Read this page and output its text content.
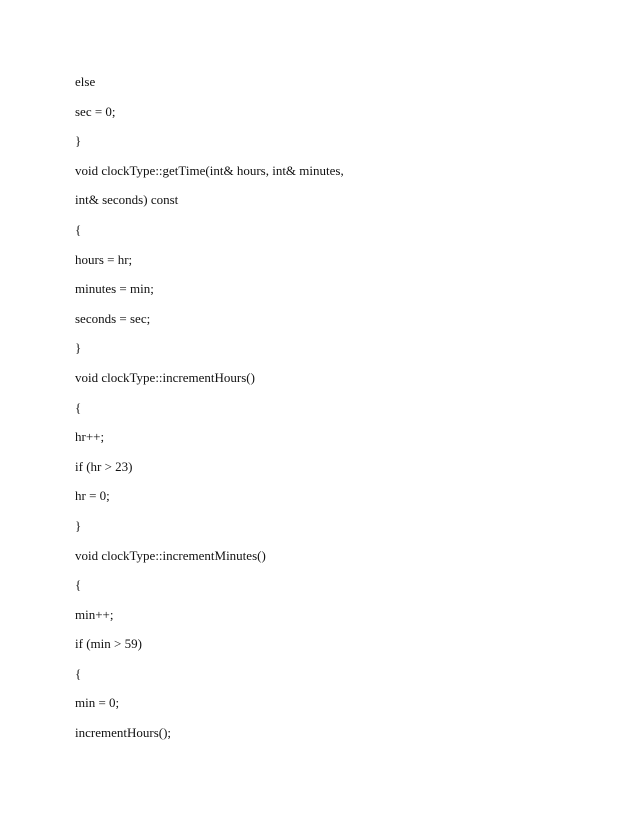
else
sec = 0;
}
void clockType::getTime(int& hours, int& minutes,
int& seconds) const
{
hours = hr;
minutes = min;
seconds = sec;
}
void clockType::incrementHours()
{
hr++;
if (hr > 23)
hr = 0;
}
void clockType::incrementMinutes()
{
min++;
if (min > 59)
{
min = 0;
incrementHours();
